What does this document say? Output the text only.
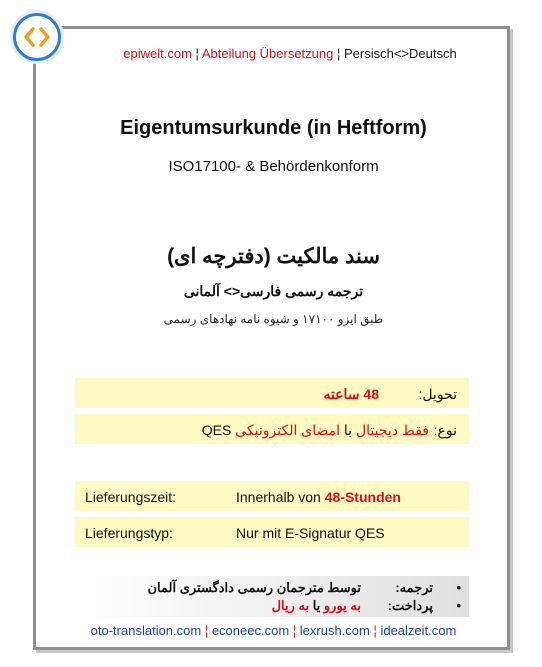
epiwelt.com ¦ Abteilung Übersetzung ¦ Persisch<>Deutsch
Eigentumsurkunde (in Heftform)
ISO17100- & Behördenkonform
سند مالکیت (دفترچه ای)
ترجمه رسمی فارسی<> آلمانی
طبق ایزو ۱۷۱۰۰ و شیوه نامه نهادهای رسمی
تحویل:
48 ساعته
نوع:
فقط دیجیتال با امضای الکترونیکی QES
Lieferungszeit:	Innerhalb von 48-Stunden
Lieferungstyp:	Nur mit E-Signatur QES
•
ترجمه:
توسط مترجمان رسمی دادگستری آلمان
•
پرداخت:
به یورو یا به ریال
oto-translation.com ¦ econeec.com ¦ lexrush.com ¦ idealzeit.com
